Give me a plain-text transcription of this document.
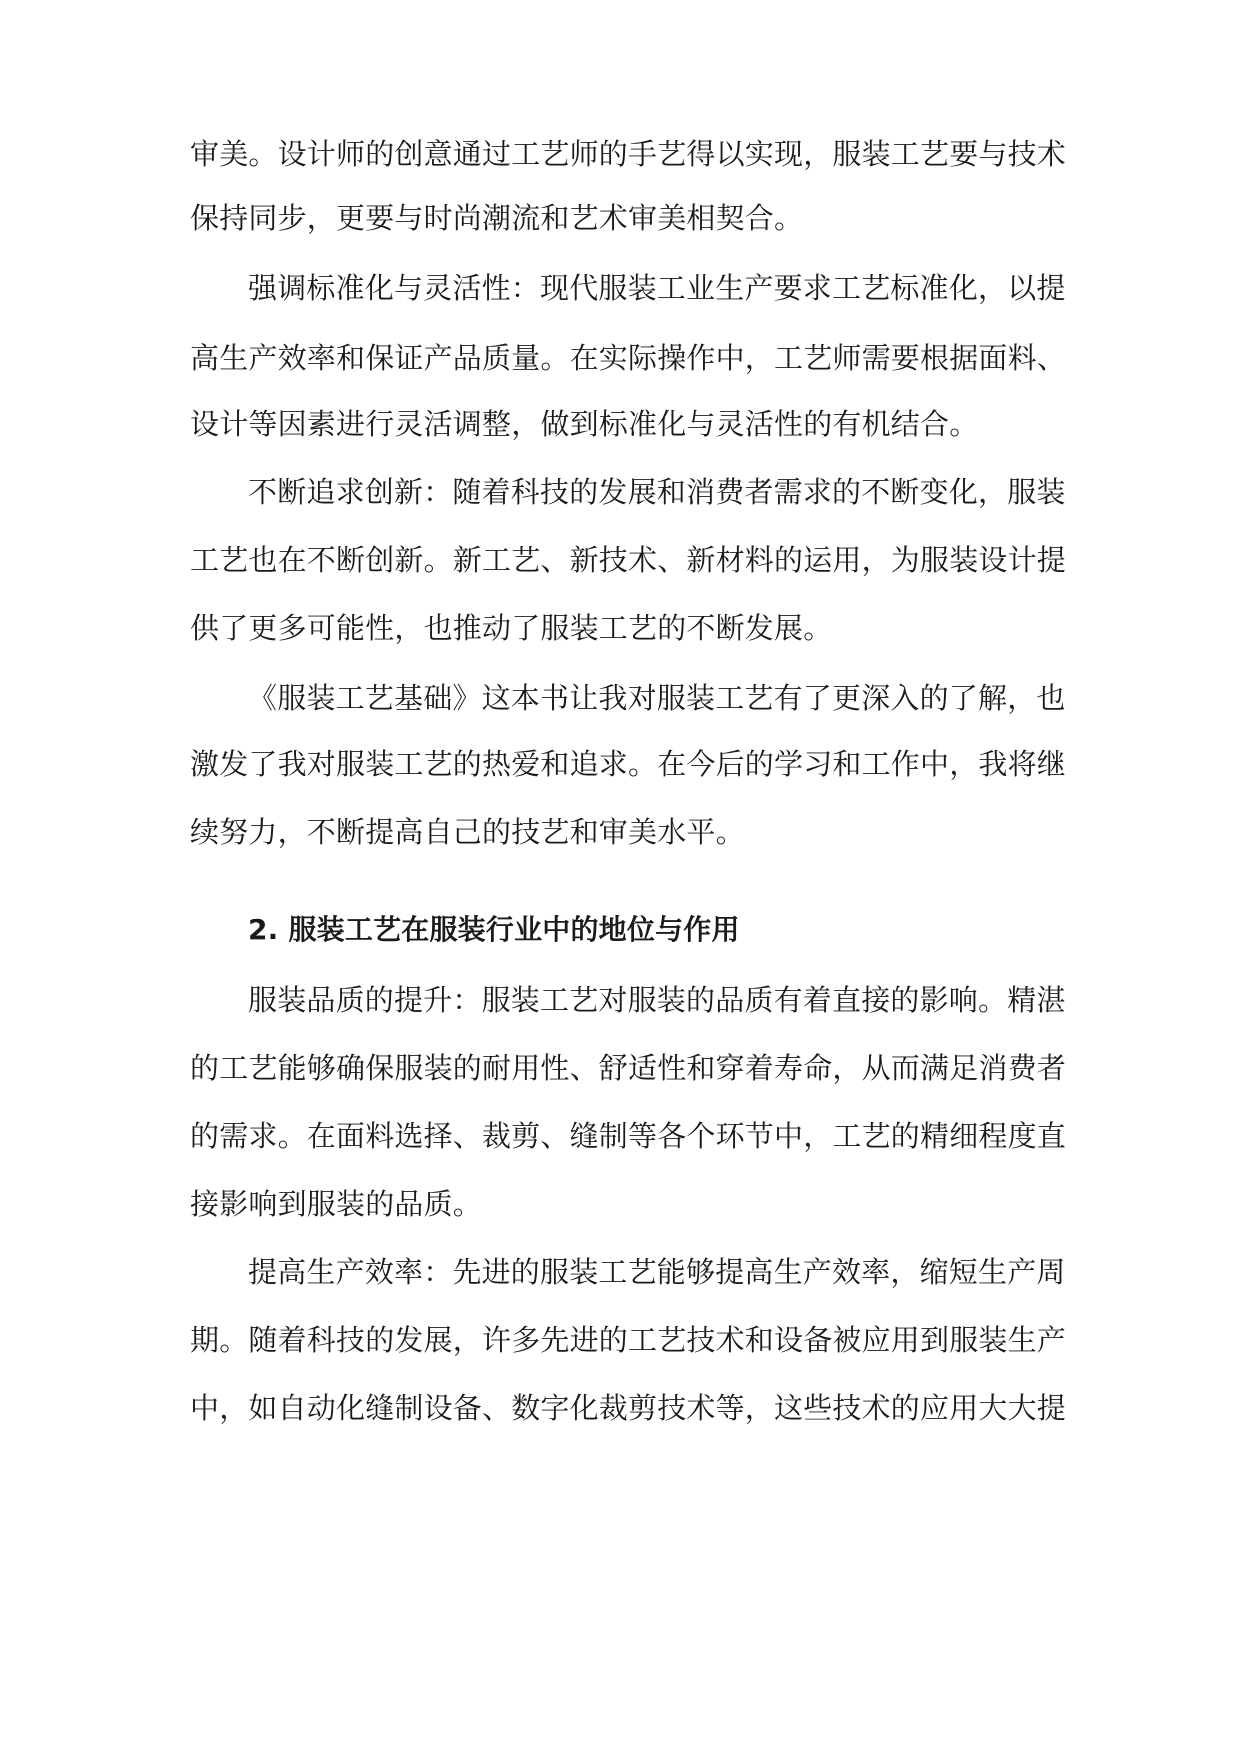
审美。设计师的创意通过工艺师的手艺得以实现，服装工艺要与技术
保持同步，更要与时尚潮流和艺术审美相契合。
强调标准化与灵活性：现代服装工业生产要求工艺标准化，以提
高生产效率和保证产品质量。在实际操作中，工艺师需要根据面料、
设计等因素进行灵活调整，做到标准化与灵活性的有机结合。
不断追求创新：随着科技的发展和消费者需求的不断变化，服装
工艺也在不断创新。新工艺、新技术、新材料的运用，为服装设计提
供了更多可能性，也推动了服装工艺的不断发展。
《服装工艺基础》这本书让我对服装工艺有了更深入的了解，也
激发了我对服装工艺的热爱和追求。在今后的学习和工作中，我将继
续努力，不断提高自己的技艺和审美水平。
2. 服装工艺在服装行业中的地位与作用
服装品质的提升：服装工艺对服装的品质有着直接的影响。精湛
的工艺能够确保服装的耐用性、舒适性和穿着寿命，从而满足消费者
的需求。在面料选择、裁剪、缝制等各个环节中，工艺的精细程度直
接影响到服装的品质。
提高生产效率：先进的服装工艺能够提高生产效率，缩短生产周
期。随着科技的发展，许多先进的工艺技术和设备被应用到服装生产
中，如自动化缝制设备、数字化裁剪技术等，这些技术的应用大大提
